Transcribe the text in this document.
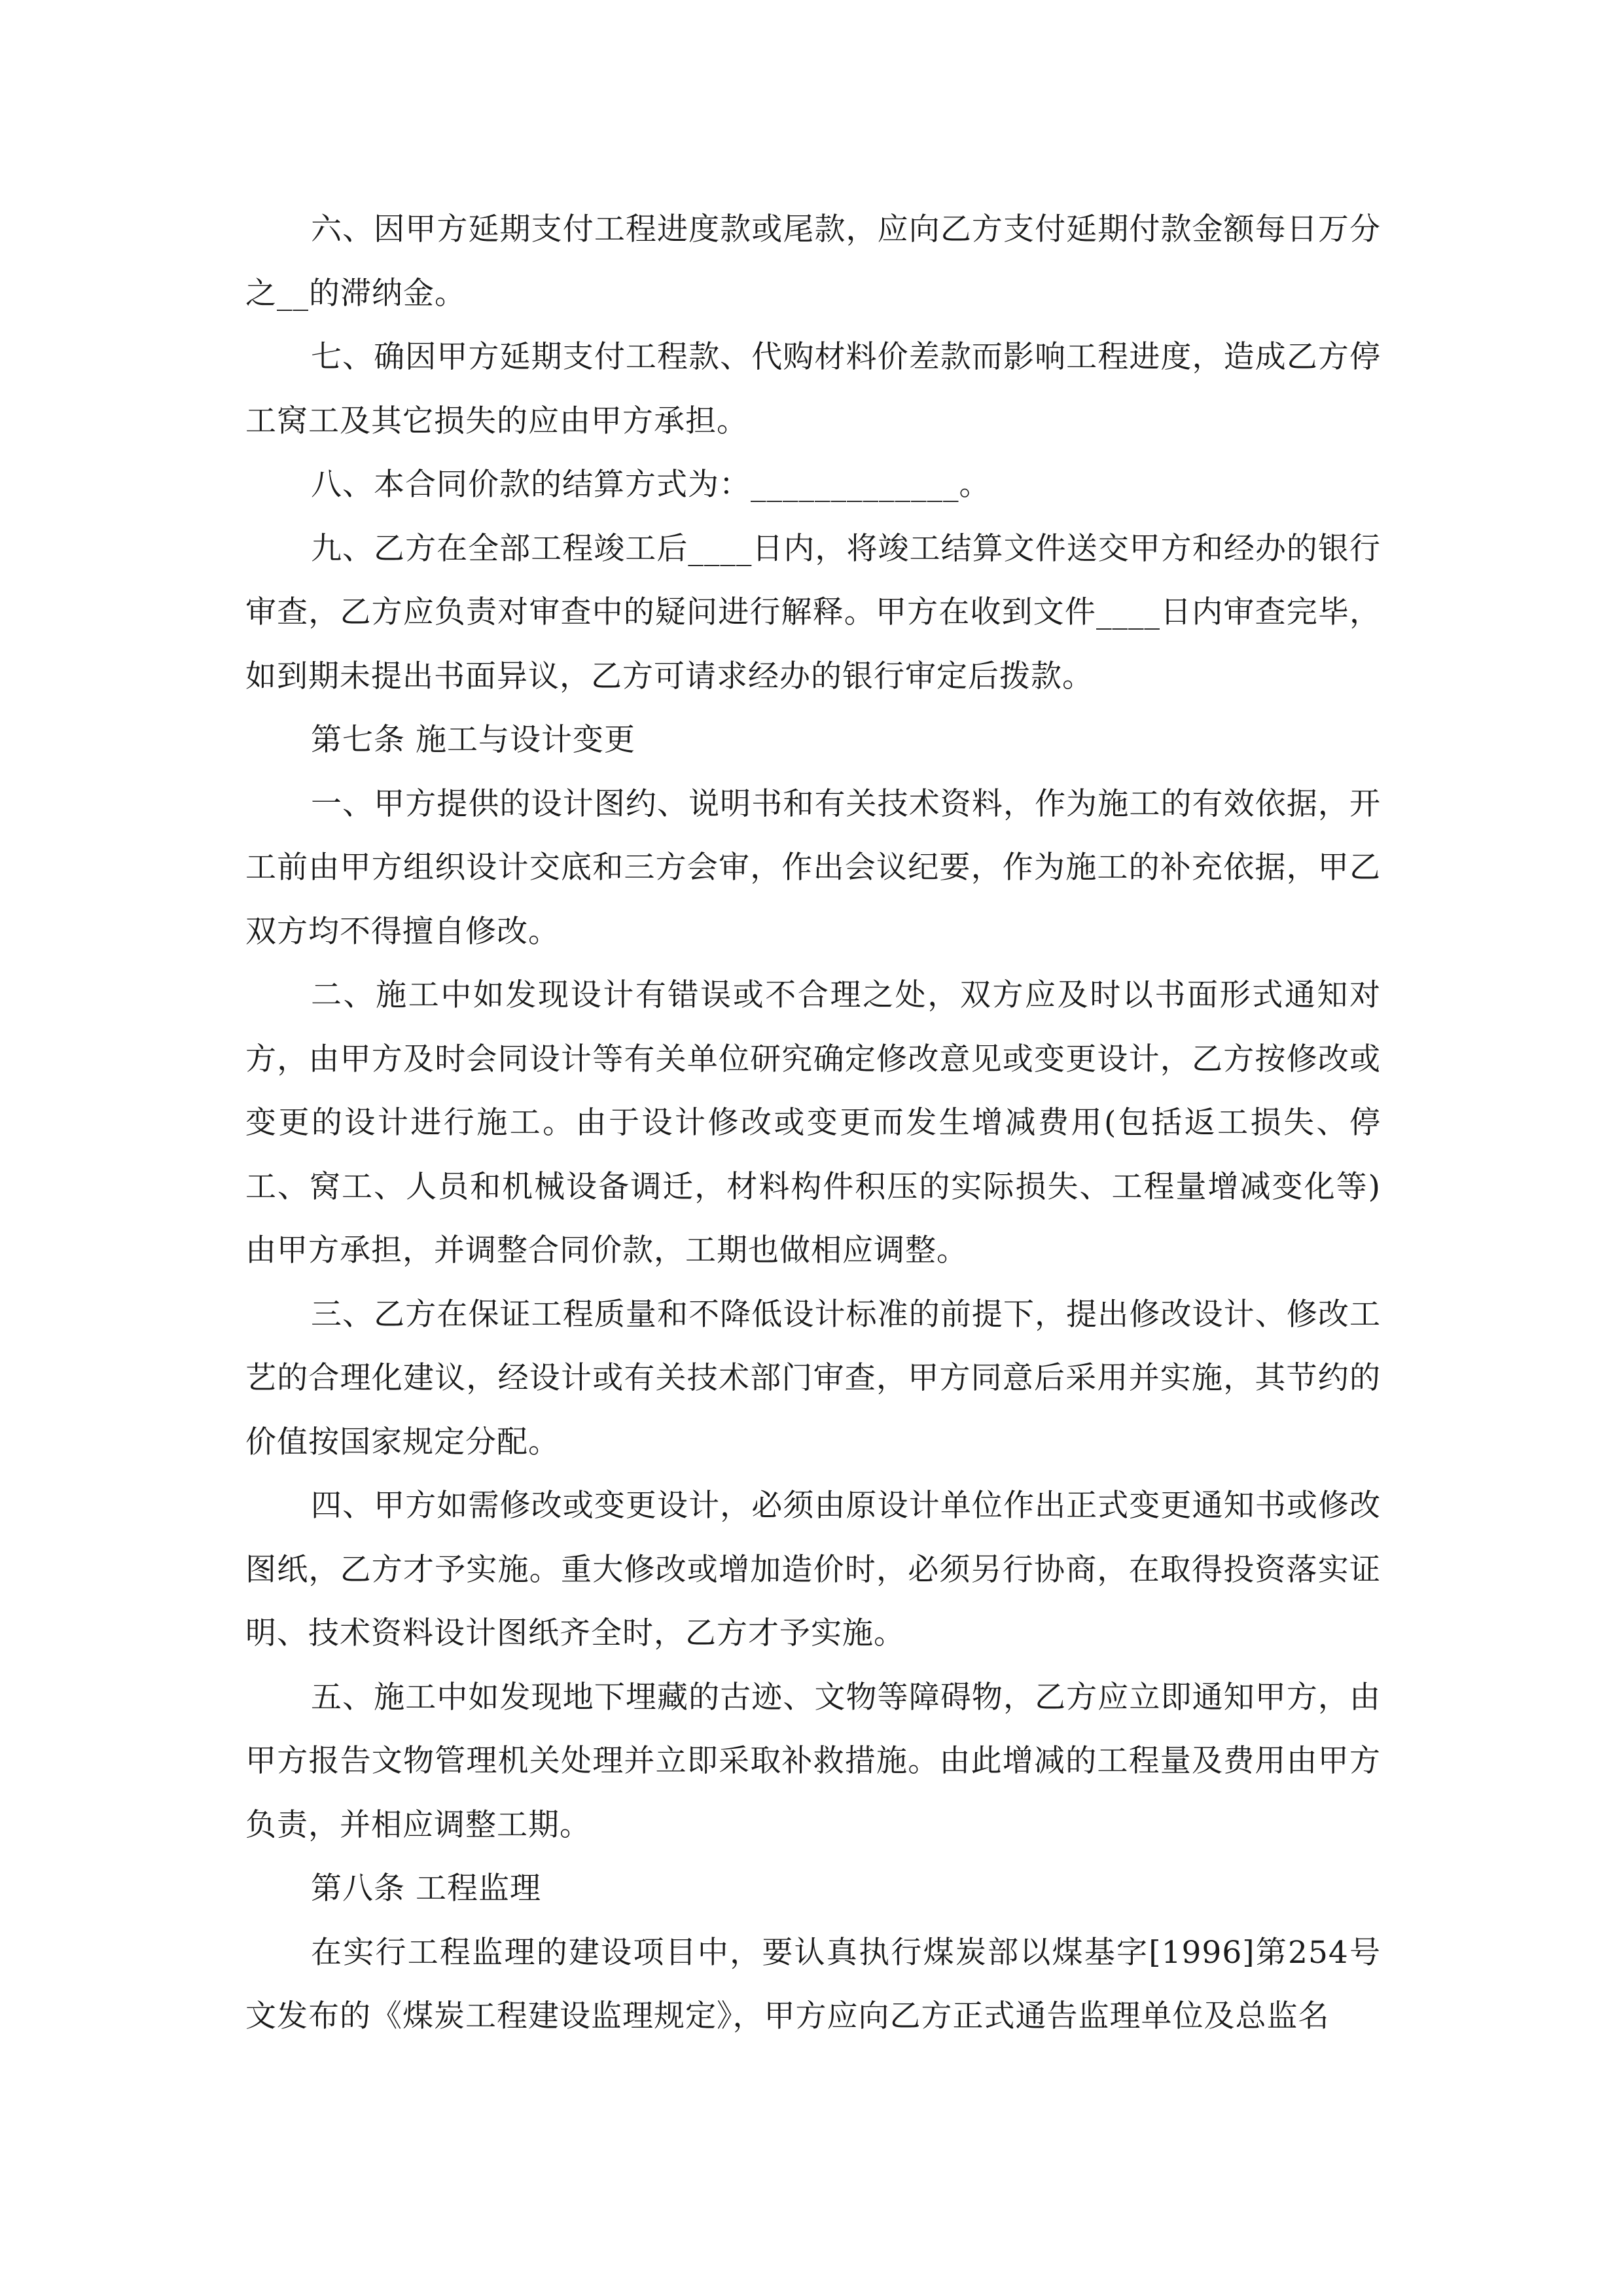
六、因甲方延期支付工程进度款或尾款，应向乙方支付延期付款金额每日万分之__的滞纳金。

七、确因甲方延期支付工程款、代购材料价差款而影响工程进度，造成乙方停工窝工及其它损失的应由甲方承担。

八、本合同价款的结算方式为：_____________。

九、乙方在全部工程竣工后____日内，将竣工结算文件送交甲方和经办的银行审查，乙方应负责对审查中的疑问进行解释。甲方在收到文件____日内审查完毕，如到期未提出书面异议，乙方可请求经办的银行审定后拨款。

第七条 施工与设计变更

一、甲方提供的设计图约、说明书和有关技术资料，作为施工的有效依据，开工前由甲方组织设计交底和三方会审，作出会议纪要，作为施工的补充依据，甲乙双方均不得擅自修改。

二、施工中如发现设计有错误或不合理之处，双方应及时以书面形式通知对方，由甲方及时会同设计等有关单位研究确定修改意见或变更设计，乙方按修改或变更的设计进行施工。由于设计修改或变更而发生增减费用(包括返工损失、停工、窝工、人员和机械设备调迁，材料构件积压的实际损失、工程量增减变化等)由甲方承担，并调整合同价款，工期也做相应调整。

三、乙方在保证工程质量和不降低设计标准的前提下，提出修改设计、修改工艺的合理化建议，经设计或有关技术部门审查，甲方同意后采用并实施，其节约的价值按国家规定分配。

四、甲方如需修改或变更设计，必须由原设计单位作出正式变更通知书或修改图纸，乙方才予实施。重大修改或增加造价时，必须另行协商，在取得投资落实证明、技术资料设计图纸齐全时，乙方才予实施。

五、施工中如发现地下埋藏的古迹、文物等障碍物，乙方应立即通知甲方，由甲方报告文物管理机关处理并立即采取补救措施。由此增减的工程量及费用由甲方负责，并相应调整工期。

第八条 工程监理

在实行工程监理的建设项目中，要认真执行煤炭部以煤基字[1996]第254号文发布的《煤炭工程建设监理规定》，甲方应向乙方正式通告监理单位及总监名
